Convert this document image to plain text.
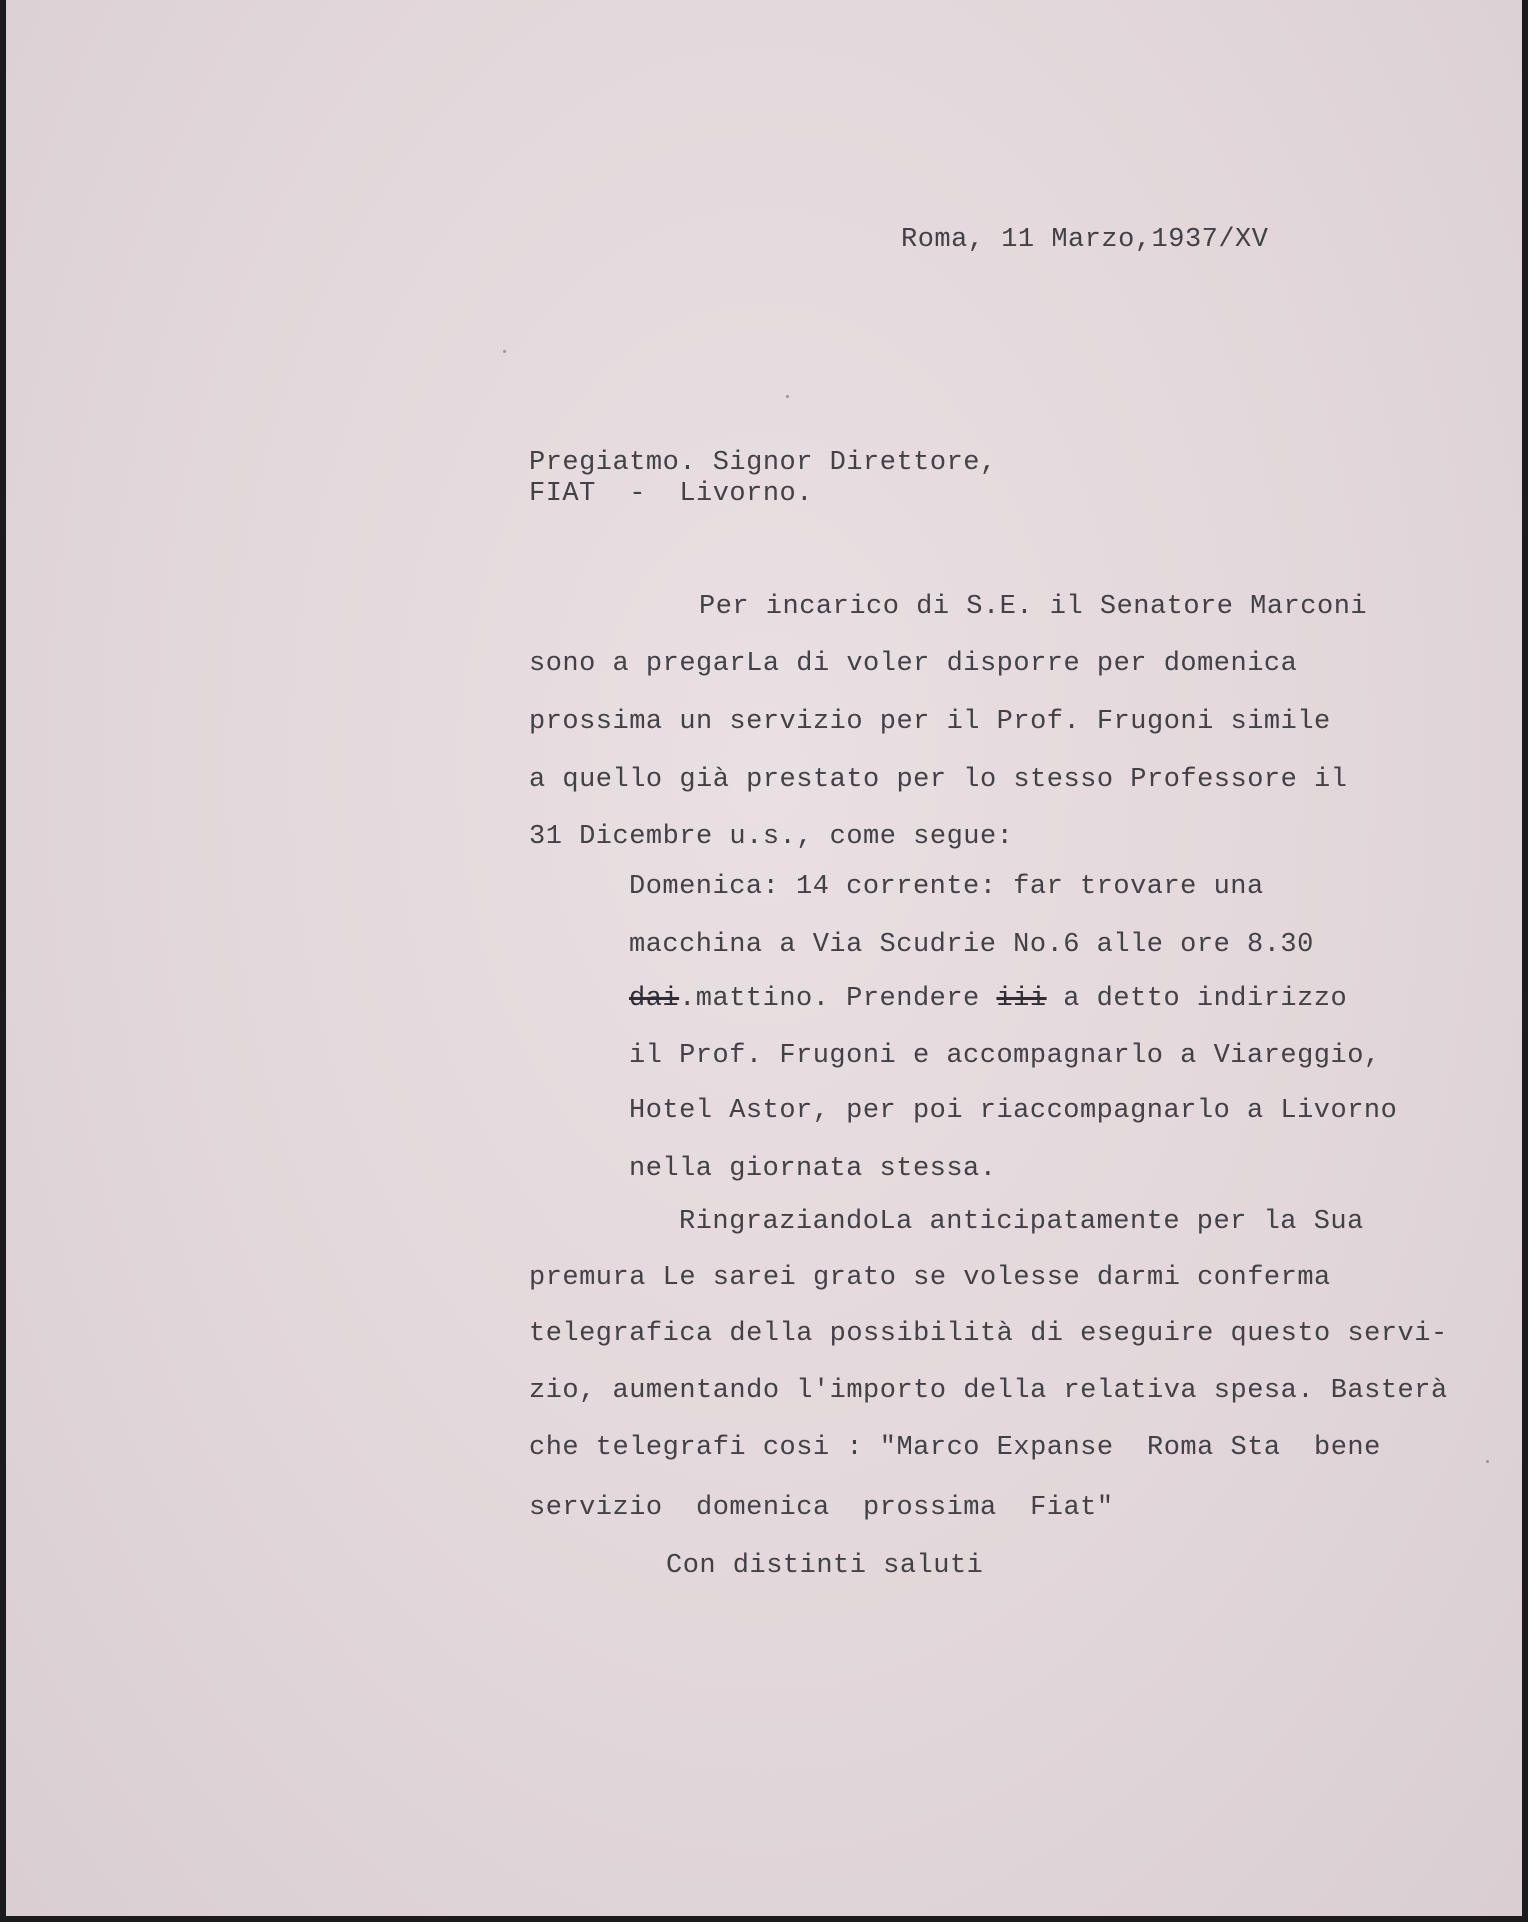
Roma, 11 Marzo,1937/XV
Pregiatmo. Signor Direttore,
FIAT  -  Livorno.
Per incarico di S.E. il Senatore Marconi
sono a pregarLa di voler disporre per domenica
prossima un servizio per il Prof. Frugoni simile
a quello già prestato per lo stesso Professore il
31 Dicembre u.s., come segue:
Domenica: 14 corrente: far trovare una
macchina a Via Scudrie No.6 alle ore 8.30
dai.mattino. Prendere iii a detto indirizzo
il Prof. Frugoni e accompagnarlo a Viareggio,
Hotel Astor, per poi riaccompagnarlo a Livorno
nella giornata stessa.
RingraziandoLa anticipatamente per la Sua
premura Le sarei grato se volesse darmi conferma
telegrafica della possibilità di eseguire questo servi-
zio, aumentando l'importo della relativa spesa. Basterà
che telegrafi cosi : "Marco Expanse  Roma Sta  bene
servizio  domenica  prossima  Fiat"
Con distinti saluti
